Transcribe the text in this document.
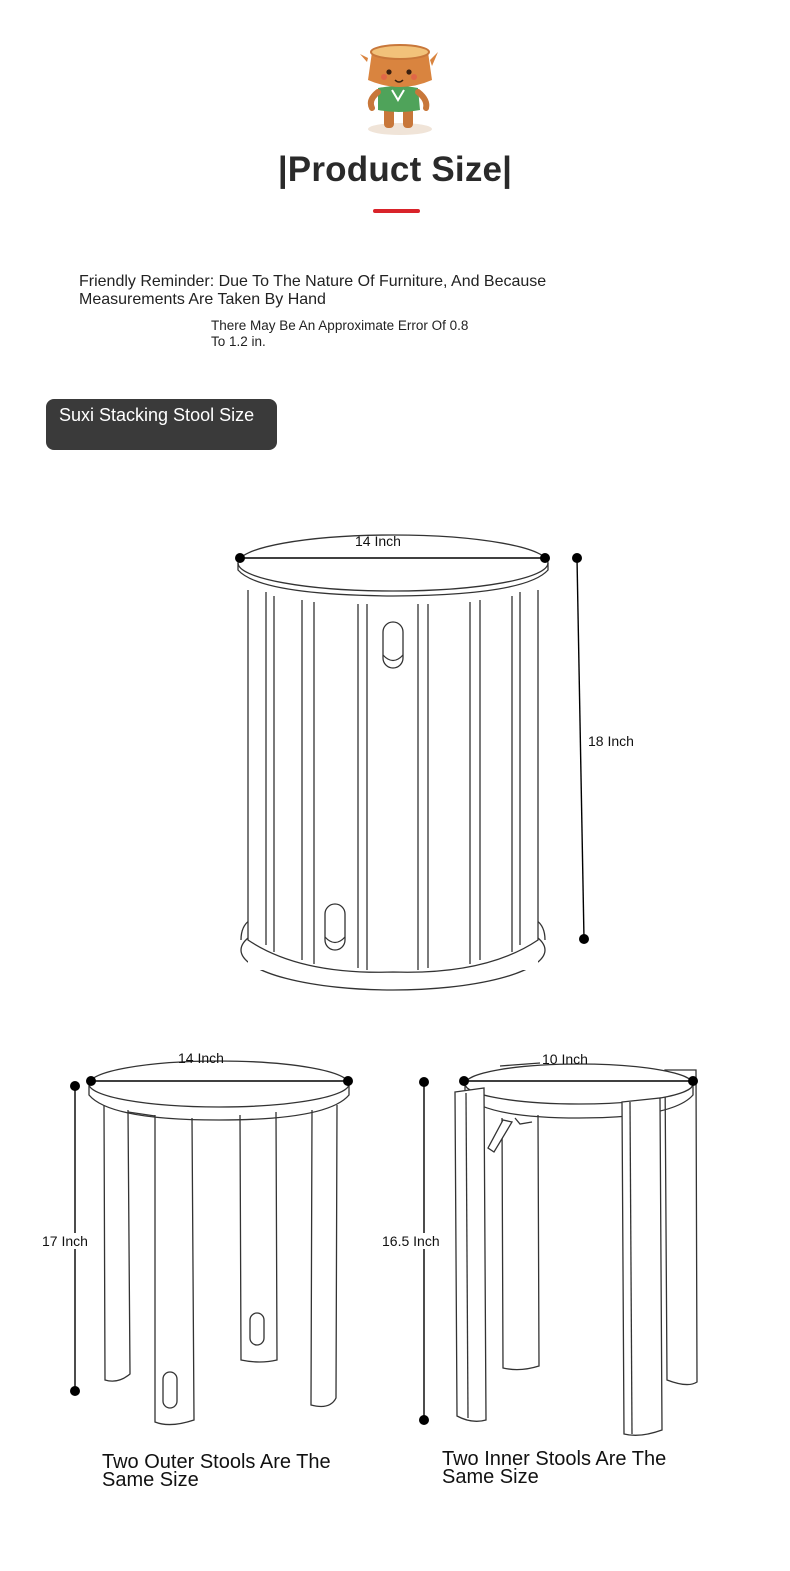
|Product Size|
Friendly Reminder: Due To The Nature Of Furniture, And Because Measurements Are Taken By Hand
There May Be An Approximate Error Of 0.8 To 1.2 in.
Suxi Stacking Stool Size
14 Inch
18 Inch
14 Inch
17 Inch
Two Outer Stools Are The Same Size
10 Inch
16.5 Inch
Two Inner Stools Are The Same Size
